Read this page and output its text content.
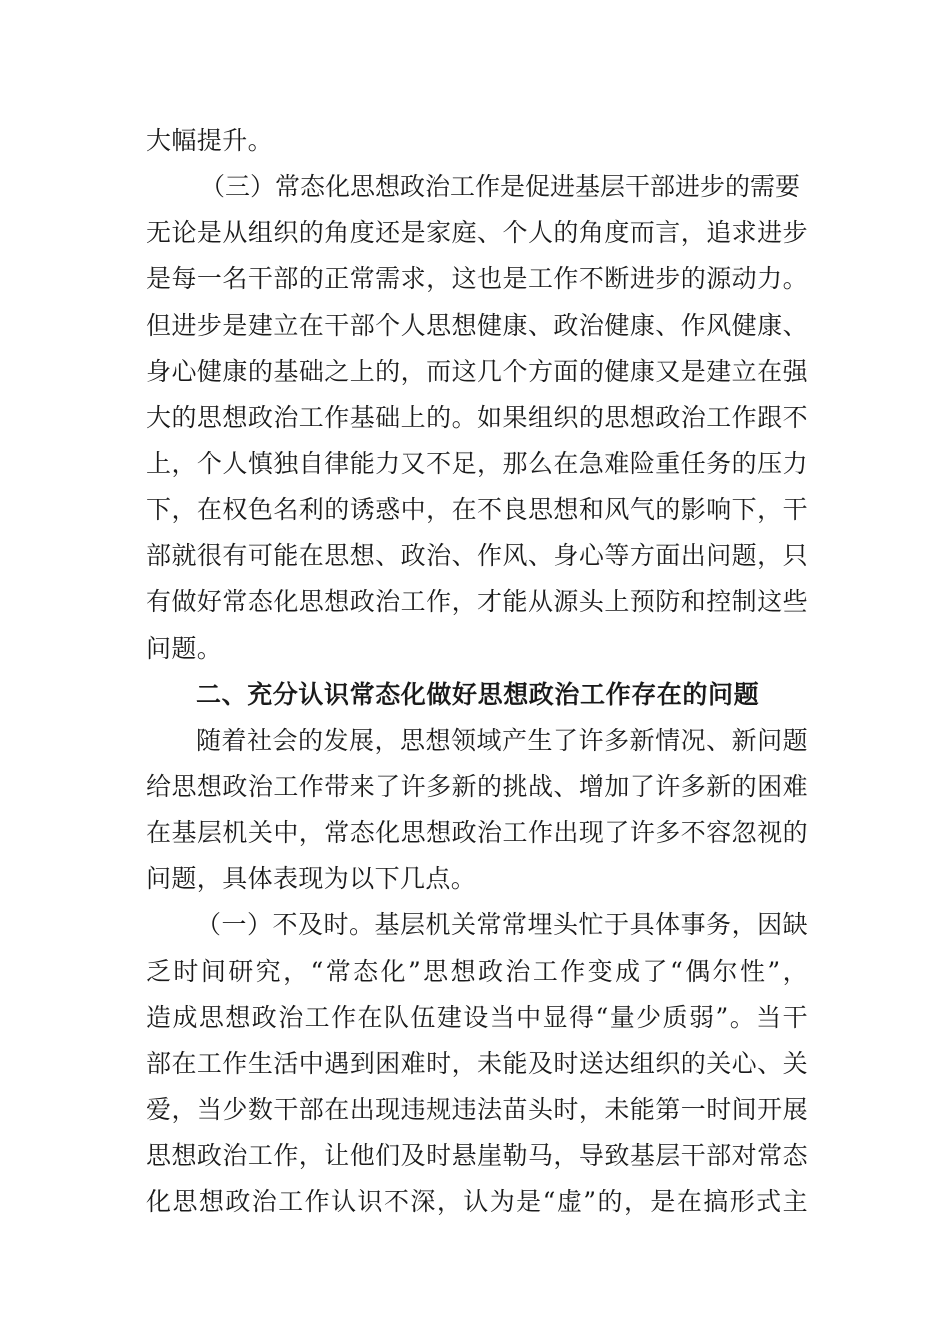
大幅提升。
（三）常态化思想政治工作是促进基层干部进步的需要
无论是从组织的角度还是家庭、个人的角度而言，追求进步
是每一名干部的正常需求，这也是工作不断进步的源动力。
但进步是建立在干部个人思想健康、政治健康、作风健康、
身心健康的基础之上的，而这几个方面的健康又是建立在强
大的思想政治工作基础上的。如果组织的思想政治工作跟不
上，个人慎独自律能力又不足，那么在急难险重任务的压力
下，在权色名利的诱惑中，在不良思想和风气的影响下，干
部就很有可能在思想、政治、作风、身心等方面出问题，只
有做好常态化思想政治工作，才能从源头上预防和控制这些
问题。
二、充分认识常态化做好思想政治工作存在的问题
随着社会的发展，思想领域产生了许多新情况、新问题
给思想政治工作带来了许多新的挑战、增加了许多新的困难
在基层机关中，常态化思想政治工作出现了许多不容忽视的
问题，具体表现为以下几点。
（一）不及时。基层机关常常埋头忙于具体事务，因缺
乏时间研究，“常态化”思想政治工作变成了“偶尔性”，
造成思想政治工作在队伍建设当中显得“量少质弱”。当干
部在工作生活中遇到困难时，未能及时送达组织的关心、关
爱，当少数干部在出现违规违法苗头时，未能第一时间开展
思想政治工作，让他们及时悬崖勒马，导致基层干部对常态
化思想政治工作认识不深，认为是“虚”的，是在搞形式主
